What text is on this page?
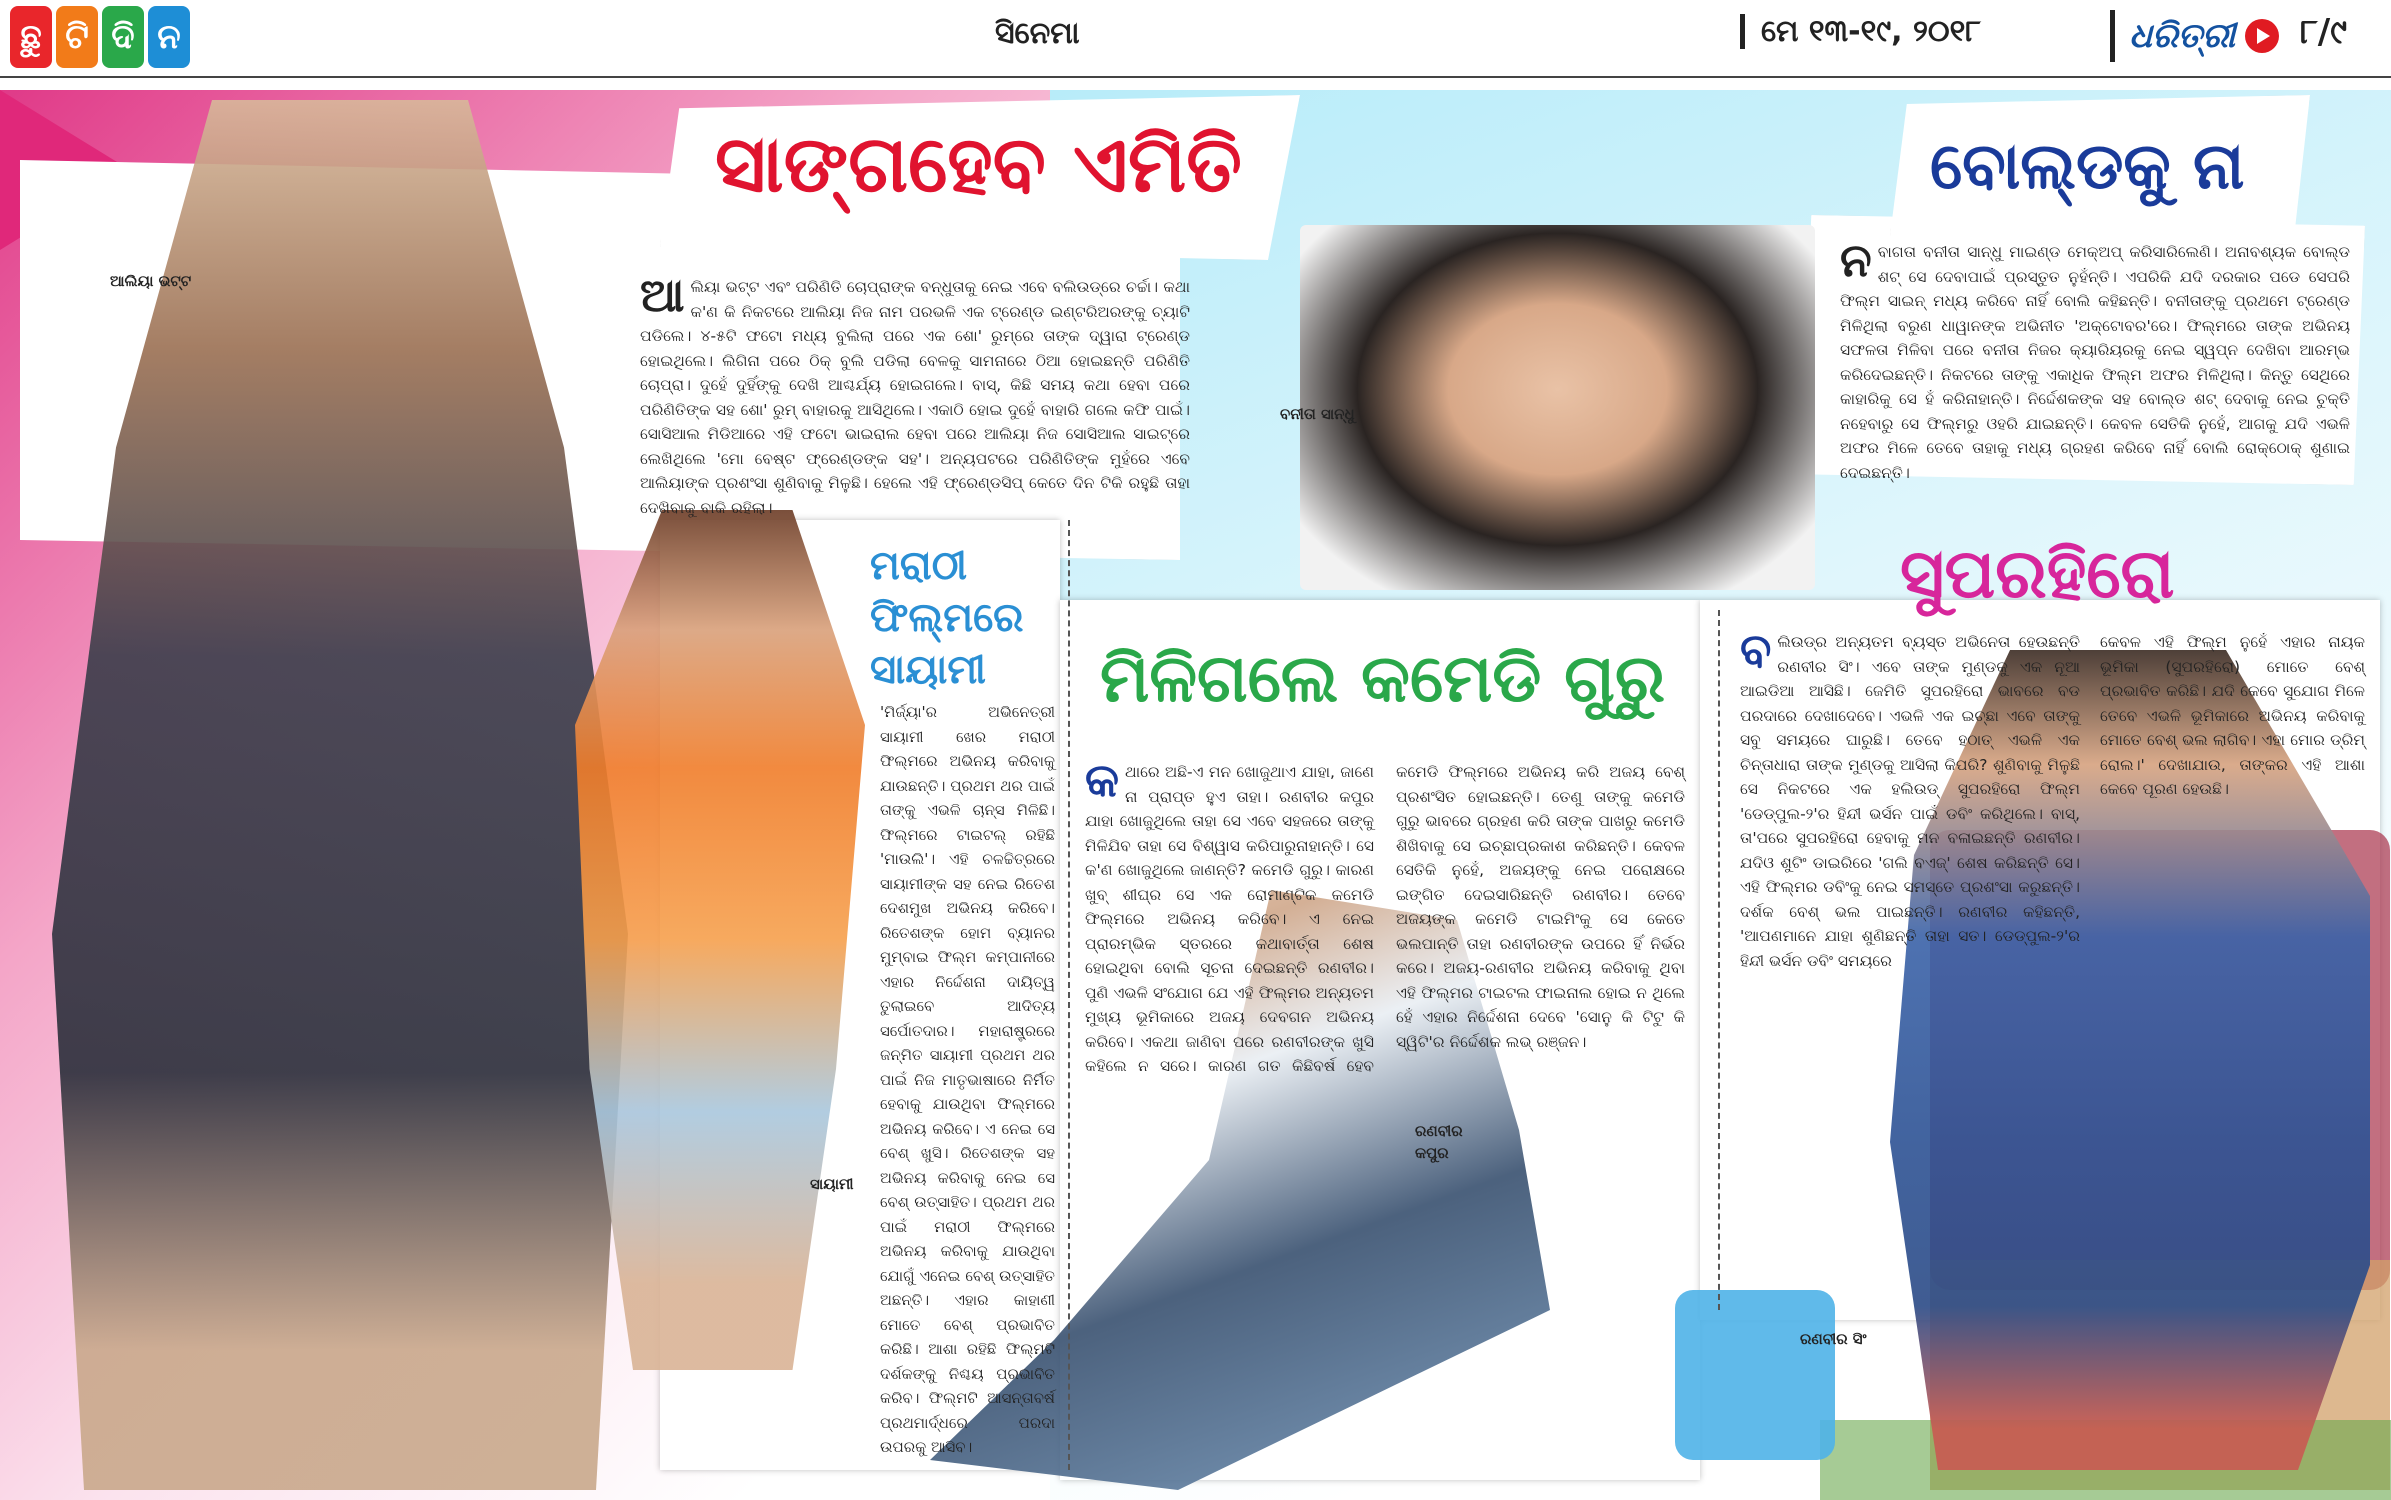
ଛୁ ଟି ଦି ନ	ସିନେମା	ମେ ୧୩-୧୯, ୨୦୧୮	ଧରିତ୍ରୀ ୮/୯
ସାଙ୍ଗହେବ ଏମିତି
ଆ ଲିୟା ଭଟ୍ଟ ଏବଂ ପରିଣିତି ଚୋପ୍ରାଙ୍କ ବନ୍ଧୁତାକୁ ନେଇ ଏବେ ବଲିଉଡ୍‌ରେ ଚର୍ଚ୍ଚା। କଥା କ'ଣ କି ନିକଟରେ ଆଲିୟା ନିଜ ନାମ ପରଭଳି ଏକ ଟ୍ରେଣ୍ଡ ଇଣ୍ଟରିଅରଙ୍କୁ ଚ୍ୟାଟି ପଡିଲେ। ୪-୫ଟି ଫଟୋ ମଧ୍ୟ ବୁଲିଲା ପରେ ଏକ ଶୋ' ରୁମ୍‌ରେ ତାଙ୍କ ଦ୍ୱାରା ଟ୍ରେଣ୍ଡ ହୋଇଥିଲେ। ଲିଗିନା ପରେ ଠିକ୍ ବୁଲି ପଡିଲା ବେଳକୁ ସାମନାରେ ଠିଆ ହୋଇଛନ୍ତି ପରିଣିତି ଚୋପ୍ରା। ଦୁହେଁ ଦୁହିଁଙ୍କୁ ଦେଖି ଆଶ୍ଚର୍ଯ୍ୟ ହୋଇଗଲେ। ବାସ୍, କିଛି ସମୟ କଥା ହେବା ପରେ ପରିଣିତିଙ୍କ ସହ ଶୋ' ରୁମ୍ ବାହାରକୁ ଆସିଥିଲେ। ଏକାଠି ହୋଇ ଦୁହେଁ ବାହାରି ଗଲେ କଫି ପାଇଁ। ସୋସିଆଲ ମିଡିଆରେ ଏହି ଫଟୋ ଭାଇରାଲ ହେବା ପରେ ଆଲିୟା ନିଜ ସୋସିଆଲ ସାଇଟ୍‌ରେ ଲେଖିଥିଲେ 'ମୋ ବେଷ୍ଟ ଫ୍ରେଣ୍ଡଙ୍କ ସହ'। ଅନ୍ୟପଟରେ ପରିଣିତିଙ୍କ ମୁହଁରେ ଏବେ ଆଲିୟାଙ୍କ ପ୍ରଶଂସା ଶୁଣିବାକୁ ମିଳୁଛି। ହେଲେ ଏହି ଫ୍ରେଣ୍ଡସିପ୍ କେତେ ଦିନ ଟିକି ରହୁଛି ତାହା ଦେଖିବାକୁ ବାକି ରହିଲା।
ଆଲିୟା ଭଟ୍ଟ
ବୋଲ୍ଡକୁ ନା
ନ ବାଗତା ବନୀତା ସାନ୍ଧୁ ମାଇଣ୍ଡ ମେକ୍‌ଅପ୍ କରିସାରିଲେଣି। ଅନାବଶ୍ୟକ ବୋଲ୍ଡ ଶଟ୍ ସେ ଦେବାପାଇଁ ପ୍ରସ୍ତୁତ ନୁହଁନ୍ତି। ଏପରିକି ଯଦି ଦରକାର ପଡେ ସେପରି ଫିଲ୍ମ ସାଇନ୍ ମଧ୍ୟ କରିବେ ନାହିଁ ବୋଲି କହିଛନ୍ତି। ବନୀତାଙ୍କୁ ପ୍ରଥମେ ଟ୍ରେଣ୍ଡ ମିଳିଥିଲା ବରୁଣ ଧାୱାନଙ୍କ ଅଭିନୀତ 'ଅକ୍ଟୋବର'ରେ। ଫିଲ୍ମରେ ତାଙ୍କ ଅଭିନୟ ସଫଳତା ମିଳିବା ପରେ ବନୀତା ନିଜର କ୍ୟାରିୟରକୁ ନେଇ ସ୍ୱପ୍ନ ଦେଖିବା ଆରମ୍ଭ କରିଦେଇଛନ୍ତି। ନିକଟରେ ତାଙ୍କୁ ଏକାଧିକ ଫିଲ୍ମ ଅଫର ମିଳିଥିଲା। କିନ୍ତୁ ସେଥିରେ କାହାରିକୁ ସେ ହଁ କରିନାହାନ୍ତି। ନିର୍ଦ୍ଦେଶକଙ୍କ ସହ ବୋଲ୍ଡ ଶଟ୍ ଦେବାକୁ ନେଇ ଚୁକ୍ତି ନହେବାରୁ ସେ ଫିଲ୍ମରୁ ଓହରି ଯାଇଛନ୍ତି। କେବଳ ସେତିକି ନୁହେଁ, ଆଗକୁ ଯଦି ଏଭଳି ଅଫର ମିଳେ ତେବେ ତାହାକୁ ମଧ୍ୟ ଗ୍ରହଣ କରିବେ ନାହିଁ ବୋଲି ରୋକ୍‌ଠୋକ୍ ଶୁଣାଇ ଦେଇଛନ୍ତି।
ବନୀତା ସାନ୍ଧୁ
ମରାଠୀ
ଫିଲ୍ମରେ
ସାୟାମୀ
'ମିର୍ଜ୍ୟା'ର ଅଭିନେତ୍ରୀ ସାୟାମୀ ଖେର ମରାଠୀ ଫିଲ୍ମରେ ଅଭିନୟ କରିବାକୁ ଯାଉଛନ୍ତି। ପ୍ରଥମ ଥର ପାଇଁ ତାଙ୍କୁ ଏଭଳି ଚାନ୍ସ ମିଳିଛି। ଫିଲ୍ମରେ ଟାଇଟଲ୍ ରହିଛି 'ମାଉଲି'। ଏହି ଚଳଚ୍ଚିତ୍ରରେ ସାୟାମୀଙ୍କ ସହ ନେଇ ରିତେଶ ଦେଶମୁଖ ଅଭିନୟ କରିବେ। ରିତେଶଙ୍କ ହୋମ ବ୍ୟାନର ମୁମ୍ବାଇ ଫିଲ୍ମ କମ୍ପାନୀରେ ଏହାର ନିର୍ଦ୍ଦେଶନା ଦାୟିତ୍ୱ ତୁଲାଇବେ ଆଦିତ୍ୟ ସର୍ପୋତଦାର। ମହାରାଷ୍ଟ୍ରରେ ଜନ୍ମିତ ସାୟାମୀ ପ୍ରଥମ ଥର ପାଇଁ ନିଜ ମାତୃଭାଷାରେ ନିର୍ମିତ ହେବାକୁ ଯାଉଥିବା ଫିଲ୍ମରେ ଅଭିନୟ କରିବେ। ଏ ନେଇ ସେ ବେଶ୍ ଖୁସି। ରିତେଶଙ୍କ ସହ ଅଭିନୟ କରିବାକୁ ନେଇ ସେ ବେଶ୍ ଉତ୍ସାହିତ। ପ୍ରଥମ ଥର ପାଇଁ ମରାଠୀ ଫିଲ୍ମରେ ଅଭିନୟ କରିବାକୁ ଯାଉଥିବା ଯୋଗୁଁ ଏନେଇ ବେଶ୍ ଉତ୍ସାହିତ ଅଛନ୍ତି। ଏହାର କାହାଣୀ ମୋତେ ବେଶ୍ ପ୍ରଭାବିତ କରିଛି। ଆଶା ରହିଛି ଫିଲ୍ମଟି ଦର୍ଶକଙ୍କୁ ନିଶ୍ଚୟ ପ୍ରଭାବିତ କରିବ। ଫିଲ୍ମଟି ଆସନ୍ତାବର୍ଷ ପ୍ରଥମାର୍ଦ୍ଧରେ ପରଦା ଉପରକୁ ଆସିବ।
ସାୟାମୀ
ମିଳିଗଲେ କମେଡି ଗୁରୁ
କ ଥାରେ ଅଛି-ଏ ମନ ଖୋଜୁଥାଏ ଯାହା, ଜାଣେ ନା ପ୍ରାପ୍ତ ହୁଏ ତାହା। ରଣବୀର କପୁର ଯାହା ଖୋଜୁଥିଲେ ତାହା ସେ ଏବେ ସହଜରେ ତାଙ୍କୁ ମିଳିଯିବ ତାହା ସେ ବିଶ୍ୱାସ କରିପାରୁନାହାନ୍ତି। ସେ କ'ଣ ଖୋଜୁଥିଲେ ଜାଣନ୍ତି? କମେଡି ଗୁରୁ। କାରଣ ଖୁବ୍ ଶୀଘ୍ର ସେ ଏକ ରୋମାଣ୍ଟିକ କମେଡି ଫିଲ୍ମରେ ଅଭିନୟ କରିବେ। ଏ ନେଇ ପ୍ରାରମ୍ଭିକ ସ୍ତରରେ କଥାବାର୍ତ୍ତା ଶେଷ ହୋଇଥିବା ବୋଲି ସୂଚନା ଦେଇଛନ୍ତି ରଣବୀର। ପୁଣି ଏଭଳି ସଂଯୋଗ ଯେ ଏହି ଫିଲ୍ମର ଅନ୍ୟତମ ମୁଖ୍ୟ ଭୂମିକାରେ ଅଜୟ ଦେବଗନ ଅଭିନୟ କରିବେ। ଏକଥା ଜାଣିବା ପରେ ରଣବୀରଙ୍କ ଖୁସି କହିଲେ ନ ସରେ। କାରଣ ଗତ କିଛିବର୍ଷ ହେବ କମେଡି ଫିଲ୍ମରେ ଅଭିନୟ କରି ଅଜୟ ବେଶ୍ ପ୍ରଶଂସିତ ହୋଇଛନ୍ତି। ତେଣୁ ତାଙ୍କୁ କମେଡି ଗୁରୁ ଭାବରେ ଗ୍ରହଣ କରି ତାଙ୍କ ପାଖରୁ କମେଡି ଶିଖିବାକୁ ସେ ଇଚ୍ଛାପ୍ରକାଶ କରିଛନ୍ତି। କେବଳ ସେତିକି ନୁହେଁ, ଅଜୟଙ୍କୁ ନେଇ ପରୋକ୍ଷରେ ଇଙ୍ଗିତ ଦେଇସାରିଛନ୍ତି ରଣବୀର। ତେବେ ଅଜୟଙ୍କ କମେଡି ଟାଇମିଂକୁ ସେ କେତେ ଭଲପାନ୍ତି ତାହା ରଣବୀରଙ୍କ ଉପରେ ହିଁ ନିର୍ଭର କରେ। ଅଜୟ-ରଣବୀର ଅଭିନୟ କରିବାକୁ ଥିବା ଏହି ଫିଲ୍ମର ଟାଇଟଲ ଫାଇନାଲ ହୋଇ ନ ଥିଲେ ହେଁ ଏହାର ନିର୍ଦ୍ଦେଶନା ଦେବେ 'ସୋନୁ କି ଟିଟୁ କି ସ୍ୱିଟି'ର ନିର୍ଦ୍ଦେଶକ ଲଭ୍ ରଞ୍ଜନ।
ରଣବୀର କପୁର
ସୁପରହିରୋ
ବ ଲିଉଡ୍‌ର ଅନ୍ୟତମ ବ୍ୟସ୍ତ ଅଭିନେତା ହେଉଛନ୍ତି ରଣବୀର ସିଂ। ଏବେ ତାଙ୍କ ମୁଣ୍ଡକୁ ଏକ ନୂଆ ଆଇଡିଆ ଆସିଛି। ଜେମିତି ସୁପରହିରୋ ଭାବରେ ବଡ ପରଦାରେ ଦେଖାଦେବେ। ଏଭଳି ଏକ ଇଚ୍ଛା ଏବେ ତାଙ୍କୁ ସବୁ ସମୟରେ ଘାରୁଛି। ତେବେ ହଠାତ୍ ଏଭଳି ଏକ ଚିନ୍ତାଧାରା ତାଙ୍କ ମୁଣ୍ଡକୁ ଆସିଲା କିପରି? ଶୁଣିବାକୁ ମିଳୁଛି ସେ ନିକଟରେ ଏକ ହଲିଉଡ୍ ସୁପରହିରୋ ଫିଲ୍ମ 'ଡେଡ୍‌ପୁଲ-୨'ର ହିନ୍ଦୀ ଭର୍ସନ ପାଇଁ ଡବିଂ କରିଥିଲେ। ବାସ୍, ତା'ପରେ ସୁପରହିରୋ ହେବାକୁ ମନ ବଳାଇଛନ୍ତି ରଣବୀର। ଯଦିଓ ଶୁଟିଂ ଡାଇରିରେ 'ଗଲି ବଏଜ୍' ଶେଷ କରିଛନ୍ତି ସେ। ଏହି ଫିଲ୍ମର ଡବିଂକୁ ନେଇ ସମସ୍ତେ ପ୍ରଶଂସା କରୁଛନ୍ତି। ଦର୍ଶକ ବେଶ୍ ଭଲ ପାଇଛନ୍ତି। ରଣବୀର କହିଛନ୍ତି, 'ଆପଣମାନେ ଯାହା ଶୁଣିଛନ୍ତି ତାହା ସତ। ଡେଡ୍‌ପୁଲ-୨'ର ହିନ୍ଦୀ ଭର୍ସନ ଡବିଂ ସମୟରେ
କେବଳ ଏହି ଫିଲ୍ମ ନୁହେଁ ଏହାର ନାୟକ ଭୂମିକା (ସୁପରହିରୋ) ମୋତେ ବେଶ୍ ପ୍ରଭାବିତ କରିଛି। ଯଦି କେବେ ସୁଯୋଗ ମିଳେ ତେବେ ଏଭଳି ଭୂମିକାରେ ଅଭିନୟ କରିବାକୁ ମୋତେ ବେଶ୍ ଭଲ ଲାଗିବ। ଏହା ମୋର ଡ୍ରିମ୍ ରୋଲ।' ଦେଖାଯାଉ, ତାଙ୍କର ଏହି ଆଶା କେବେ ପୂରଣ ହେଉଛି।
ରଣବୀର ସିଂ
